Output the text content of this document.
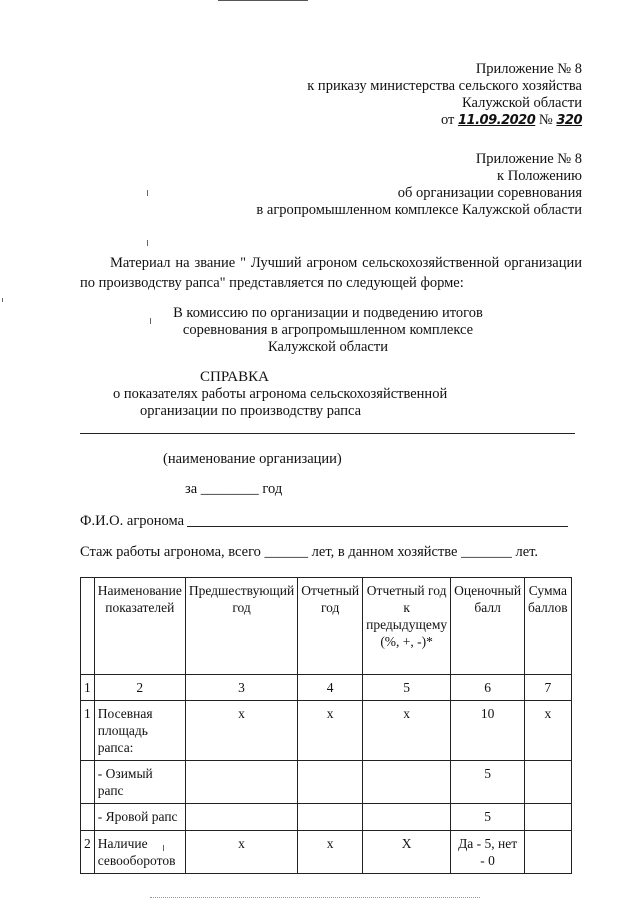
Приложение № 8
к приказу министерства сельского хозяйства
Калужской области
от 11.09.2020 № 320
Приложение № 8
к Положению
об организации соревнования
в агропромышленном комплексе Калужской области
Материал на звание " Лучший агроном сельскохозяйственной организации по производству рапса" представляется по следующей форме:
В комиссию по организации и подведению итогов
соревнования в агропромышленном комплексе
Калужской области
СПРАВКА
о показателях работы агронома сельскохозяйственной
организации по производству рапса
(наименование организации)
за ________ год
Ф.И.О. агронома
Стаж работы агронома, всего ______ лет, в данном хозяйстве _______ лет.
	Наименование показателей	Предшествующий год	Отчетный год	Отчетный год к предыдущему (%, +, -)*	Оценочный балл	Сумма баллов
1	2	3	4	5	6	7
1	Посевная площадь рапса:	х	х	х	10	х
	- Озимый рапс				5	
	- Яровой рапс				5	
2	Наличие севооборотов	х	х	Х	Да - 5, нет - 0	
